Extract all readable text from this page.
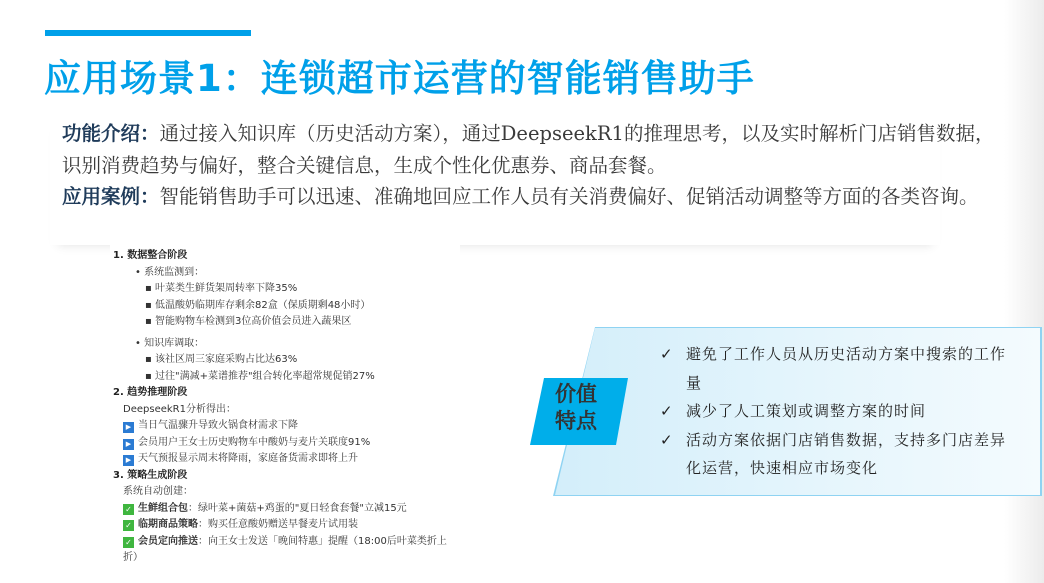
应用场景1：连锁超市运营的智能销售助手
功能介绍：通过接入知识库（历史活动方案），通过DeepseekR1的推理思考，以及实时解析门店销售数据，识别消费趋势与偏好，整合关键信息，生成个性化优惠券、商品套餐。
应用案例：智能销售助手可以迅速、准确地回应工作人员有关消费偏好、促销活动调整等方面的各类咨询。
1. 数据整合阶段
• 系统监测到：
▪ 叶菜类生鲜货架周转率下降35%
▪ 低温酸奶临期库存剩余82盒（保质期剩48小时）
▪ 智能购物车检测到3位高价值会员进入蔬果区
• 知识库调取：
▪ 该社区周三家庭采购占比达63%
▪ 过往"满减+菜谱推荐"组合转化率超常规促销27%
2. 趋势推理阶段
DeepseekR1分析得出：
▶ 当日气温骤升导致火锅食材需求下降
▶ 会员用户王女士历史购物车中酸奶与麦片关联度91%
▶ 天气预报显示周末将降雨，家庭备货需求即将上升
3. 策略生成阶段
系统自动创建：
✓ 生鲜组合包：绿叶菜+菌菇+鸡蛋的"夏日轻食套餐"立减15元
✓ 临期商品策略：购买任意酸奶赠送早餐麦片试用装
✓ 会员定向推送：向王女士发送「晚间特惠」提醒（18:00后叶菜类折上折）
价值
特点
✓ 避免了工作人员从历史活动方案中搜索的工作量
✓ 减少了人工策划或调整方案的时间
✓ 活动方案依据门店销售数据，支持多门店差异化运营，快速相应市场变化
